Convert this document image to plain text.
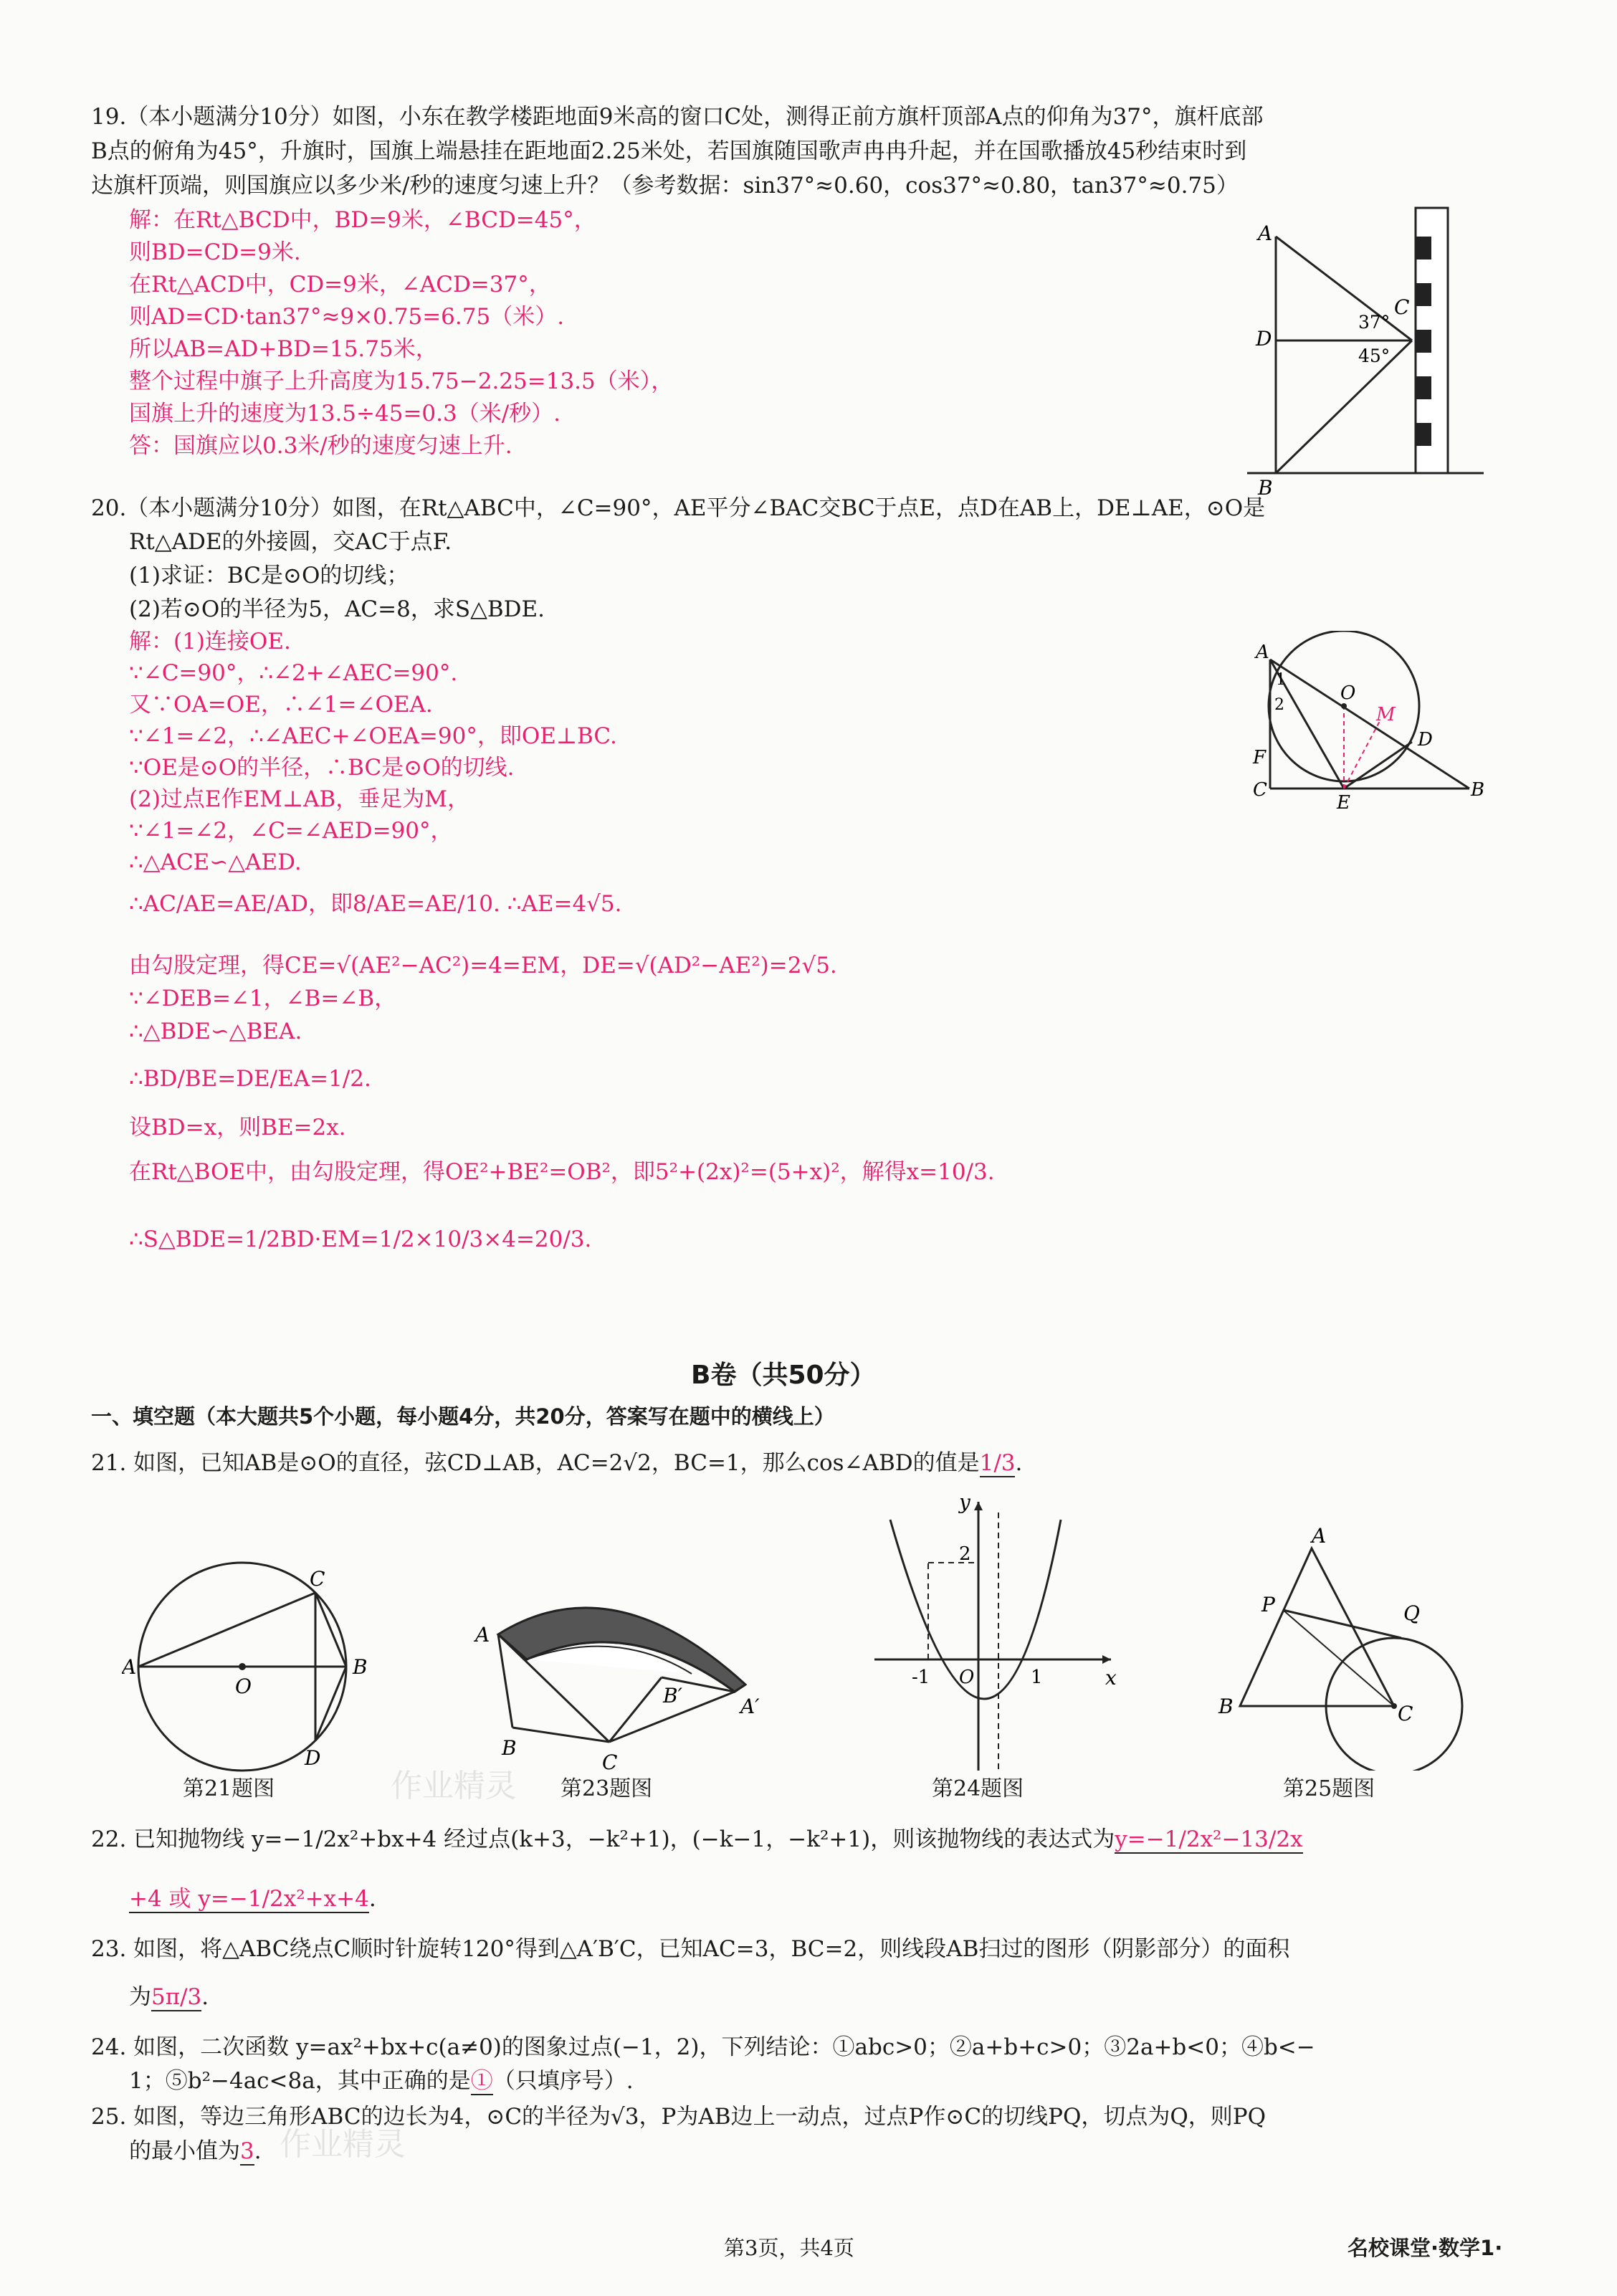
19.（本小题满分10分）如图，小东在教学楼距地面9米高的窗口C处，测得正前方旗杆顶部A点的仰角为37°，旗杆底部
B点的俯角为45°，升旗时，国旗上端悬挂在距地面2.25米处，若国旗随国歌声冉冉升起，并在国歌播放45秒结束时到
达旗杆顶端，则国旗应以多少米/秒的速度匀速上升？（参考数据：sin37°≈0.60，cos37°≈0.80，tan37°≈0.75）
解：在Rt△BCD中，BD=9米，∠BCD=45°，
则BD=CD=9米.
在Rt△ACD中，CD=9米，∠ACD=37°，
则AD=CD·tan37°≈9×0.75=6.75（米）.
所以AB=AD+BD=15.75米，
整个过程中旗子上升高度为15.75−2.25=13.5（米），
国旗上升的速度为13.5÷45=0.3（米/秒）.
答：国旗应以0.3米/秒的速度匀速上升.
A
D
B
C
37°
45°
20.（本小题满分10分）如图，在Rt△ABC中，∠C=90°，AE平分∠BAC交BC于点E，点D在AB上，DE⊥AE，⊙O是
Rt△ADE的外接圆，交AC于点F.
(1)求证：BC是⊙O的切线；
(2)若⊙O的半径为5，AC=8，求S△BDE.
解：(1)连接OE.
∵∠C=90°，∴∠2+∠AEC=90°.
又∵OA=OE，∴∠1=∠OEA.
∵∠1=∠2，∴∠AEC+∠OEA=90°，即OE⊥BC.
∵OE是⊙O的半径，∴BC是⊙O的切线.
(2)过点E作EM⊥AB，垂足为M，
∵∠1=∠2，∠C=∠AED=90°，
∴△ACE∽△AED.
∴AC/AE=AE/AD，即8/AE=AE/10. ∴AE=4√5.
由勾股定理，得CE=√(AE²−AC²)=4=EM，DE=√(AD²−AE²)=2√5.
∵∠DEB=∠1，∠B=∠B，
∴△BDE∽△BEA.
∴BD/BE=DE/EA=1/2.
设BD=x，则BE=2x.
在Rt△BOE中，由勾股定理，得OE²+BE²=OB²，即5²+(2x)²=(5+x)²，解得x=10/3.
∴S△BDE=1/2BD·EM=1/2×10/3×4=20/3.
A
1
2
O
M
D
F
C
E
B
B卷（共50分）
一、填空题（本大题共5个小题，每小题4分，共20分，答案写在题中的横线上）
21. 如图，已知AB是⊙O的直径，弦CD⊥AB，AC=2√2，BC=1，那么cos∠ABD的值是1/3.
A	B
C
D
O
第21题图
A
B
C
B′	A′
第23题图
y
x
2
-1 O	1
第24题图
A
B	C
P	Q
第25题图
22. 已知抛物线 y=−1/2x²+bx+4 经过点(k+3，−k²+1)，(−k−1，−k²+1)，则该抛物线的表达式为y=−1/2x²−13/2x
+4 或 y=−1/2x²+x+4.
23. 如图，将△ABC绕点C顺时针旋转120°得到△A′B′C，已知AC=3，BC=2，则线段AB扫过的图形（阴影部分）的面积
为5π/3.
24. 如图，二次函数 y=ax²+bx+c(a≠0)的图象过点(−1，2)，下列结论：①abc>0；②a+b+c>0；③2a+b<0；④b<−
1；⑤b²−4ac<8a，其中正确的是①（只填序号）.
25. 如图，等边三角形ABC的边长为4，⊙C的半径为√3，P为AB边上一动点，过点P作⊙C的切线PQ，切点为Q，则PQ
的最小值为3.
作业精灵
作业精灵
第3页，共4页	名校课堂·数学1·
